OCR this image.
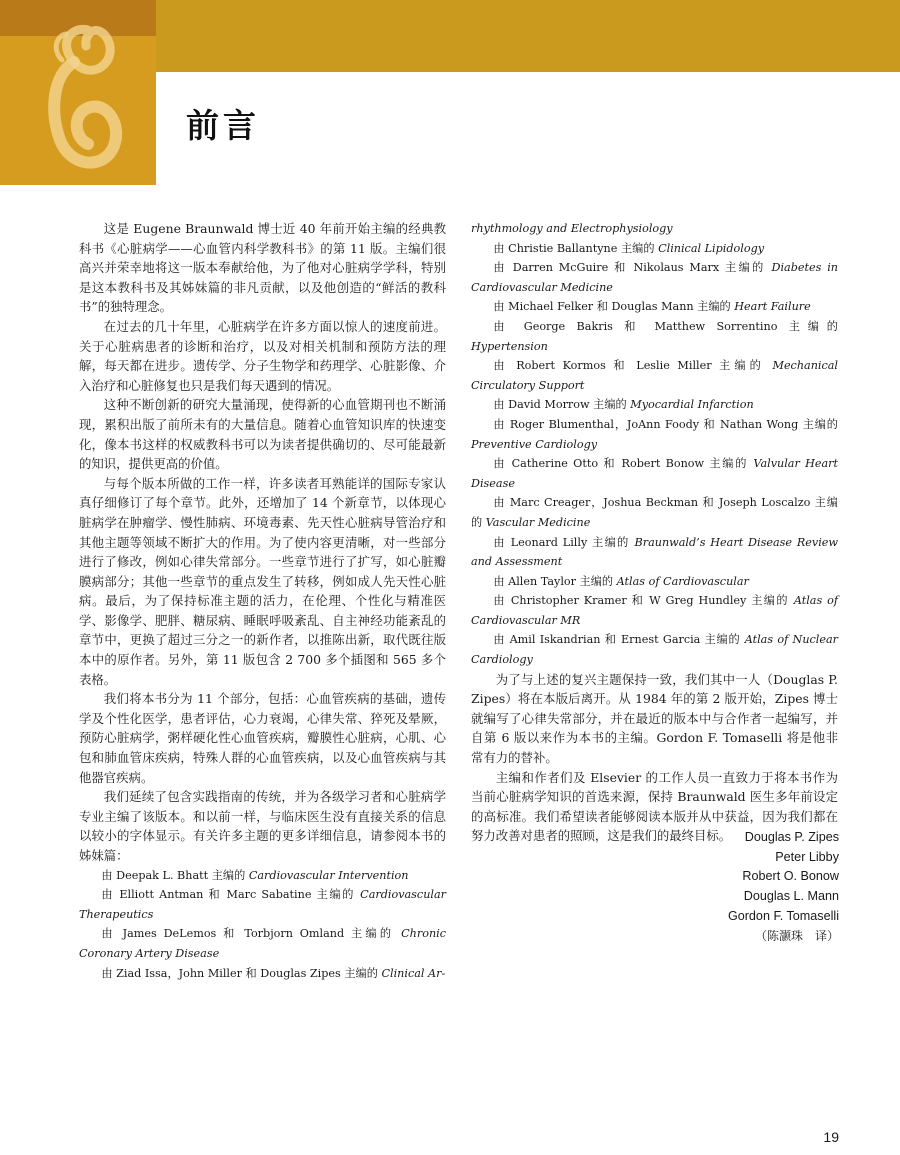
前言

这是 Eugene Braunwald 博士近 40 年前开始主编的经典教科书《心脏病学——心血管内科学教科书》的第 11 版。主编们很高兴并荣幸地将这一版本奉献给他，为了他对心脏病学学科，特别是这本教科书及其姊妹篇的非凡贡献，以及他创造的“鲜活的教科书”的独特理念。

在过去的几十年里，心脏病学在许多方面以惊人的速度前进。关于心脏病患者的诊断和治疗，以及对相关机制和预防方法的理解，每天都在进步。遗传学、分子生物学和药理学、心脏影像、介入治疗和心脏修复也只是我们每天遇到的情况。

这种不断创新的研究大量涌现，使得新的心血管期刊也不断涌现，累积出版了前所未有的大量信息。随着心血管知识库的快速变化，像本书这样的权威教科书可以为读者提供确切的、尽可能最新的知识，提供更高的价值。

与每个版本所做的工作一样，许多读者耳熟能详的国际专家认真仔细修订了每个章节。此外，还增加了 14 个新章节，以体现心脏病学在肿瘤学、慢性肺病、环境毒素、先天性心脏病导管治疗和其他主题等领域不断扩大的作用。为了使内容更清晰，对一些部分进行了修改，例如心律失常部分。一些章节进行了扩写，如心脏瓣膜病部分；其他一些章节的重点发生了转移，例如成人先天性心脏病。最后，为了保持标准主题的活力，在伦理、个性化与精准医学、影像学、肥胖、糖尿病、睡眠呼吸紊乱、自主神经功能紊乱的章节中，更换了超过三分之一的新作者，以推陈出新，取代既往版本中的原作者。另外，第 11 版包含 2 700 多个插图和 565 多个表格。

我们将本书分为 11 个部分，包括：心血管疾病的基础，遗传学及个性化医学，患者评估，心力衰竭，心律失常、猝死及晕厥，预防心脏病学，粥样硬化性心血管疾病，瓣膜性心脏病，心肌、心包和肺血管床疾病，特殊人群的心血管疾病，以及心血管疾病与其他器官疾病。

我们延续了包含实践指南的传统，并为各级学习者和心脏病学专业主编了该版本。和以前一样，与临床医生没有直接关系的信息以较小的字体显示。有关许多主题的更多详细信息，请参阅本书的姊妹篇：

由 Deepak L. Bhatt 主编的 Cardiovascular Intervention

由 Elliott Antman 和 Marc Sabatine 主编的 Cardiovascular Therapeutics

由 James DeLemos 和 Torbjorn Omland 主编的 Chronic Coronary Artery Disease

由 Ziad Issa，John Miller 和 Douglas Zipes 主编的 Clinical Ar-

rhythmology and Electrophysiology

由 Christie Ballantyne 主编的 Clinical Lipidology

由 Darren McGuire 和 Nikolaus Marx 主编的 Diabetes in Cardiovascular Medicine

由 Michael Felker 和 Douglas Mann 主编的 Heart Failure

由 George Bakris 和 Matthew Sorrentino 主编的 Hypertension

由 Robert Kormos 和 Leslie Miller 主编的 Mechanical Circulatory Support

由 David Morrow 主编的 Myocardial Infarction

由 Roger Blumenthal，JoAnn Foody 和 Nathan Wong 主编的 Preventive Cardiology

由 Catherine Otto 和 Robert Bonow 主编的 Valvular Heart Disease

由 Marc Creager，Joshua Beckman 和 Joseph Loscalzo 主编的 Vascular Medicine

由 Leonard Lilly 主编的 Braunwald’s Heart Disease Review and Assessment

由 Allen Taylor 主编的 Atlas of Cardiovascular

由 Christopher Kramer 和 W Greg Hundley 主编的 Atlas of Cardiovascular MR

由 Amil Iskandrian 和 Ernest Garcia 主编的 Atlas of Nuclear Cardiology

为了与上述的复兴主题保持一致，我们其中一人（Douglas P. Zipes）将在本版后离开。从 1984 年的第 2 版开始，Zipes 博士就编写了心律失常部分，并在最近的版本中与合作者一起编写，并自第 6 版以来作为本书的主编。Gordon F. Tomaselli 将是他非常有力的替补。

主编和作者们及 Elsevier 的工作人员一直致力于将本书作为当前心脏病学知识的首选来源，保持 Braunwald 医生多年前设定的高标准。我们希望读者能够阅读本版并从中获益，因为我们都在努力改善对患者的照顾，这是我们的最终目标。	Douglas P. Zipes
Peter Libby
Robert O. Bonow
Douglas L. Mann
Gordon F. Tomaselli
（陈灏珠　译）
19
